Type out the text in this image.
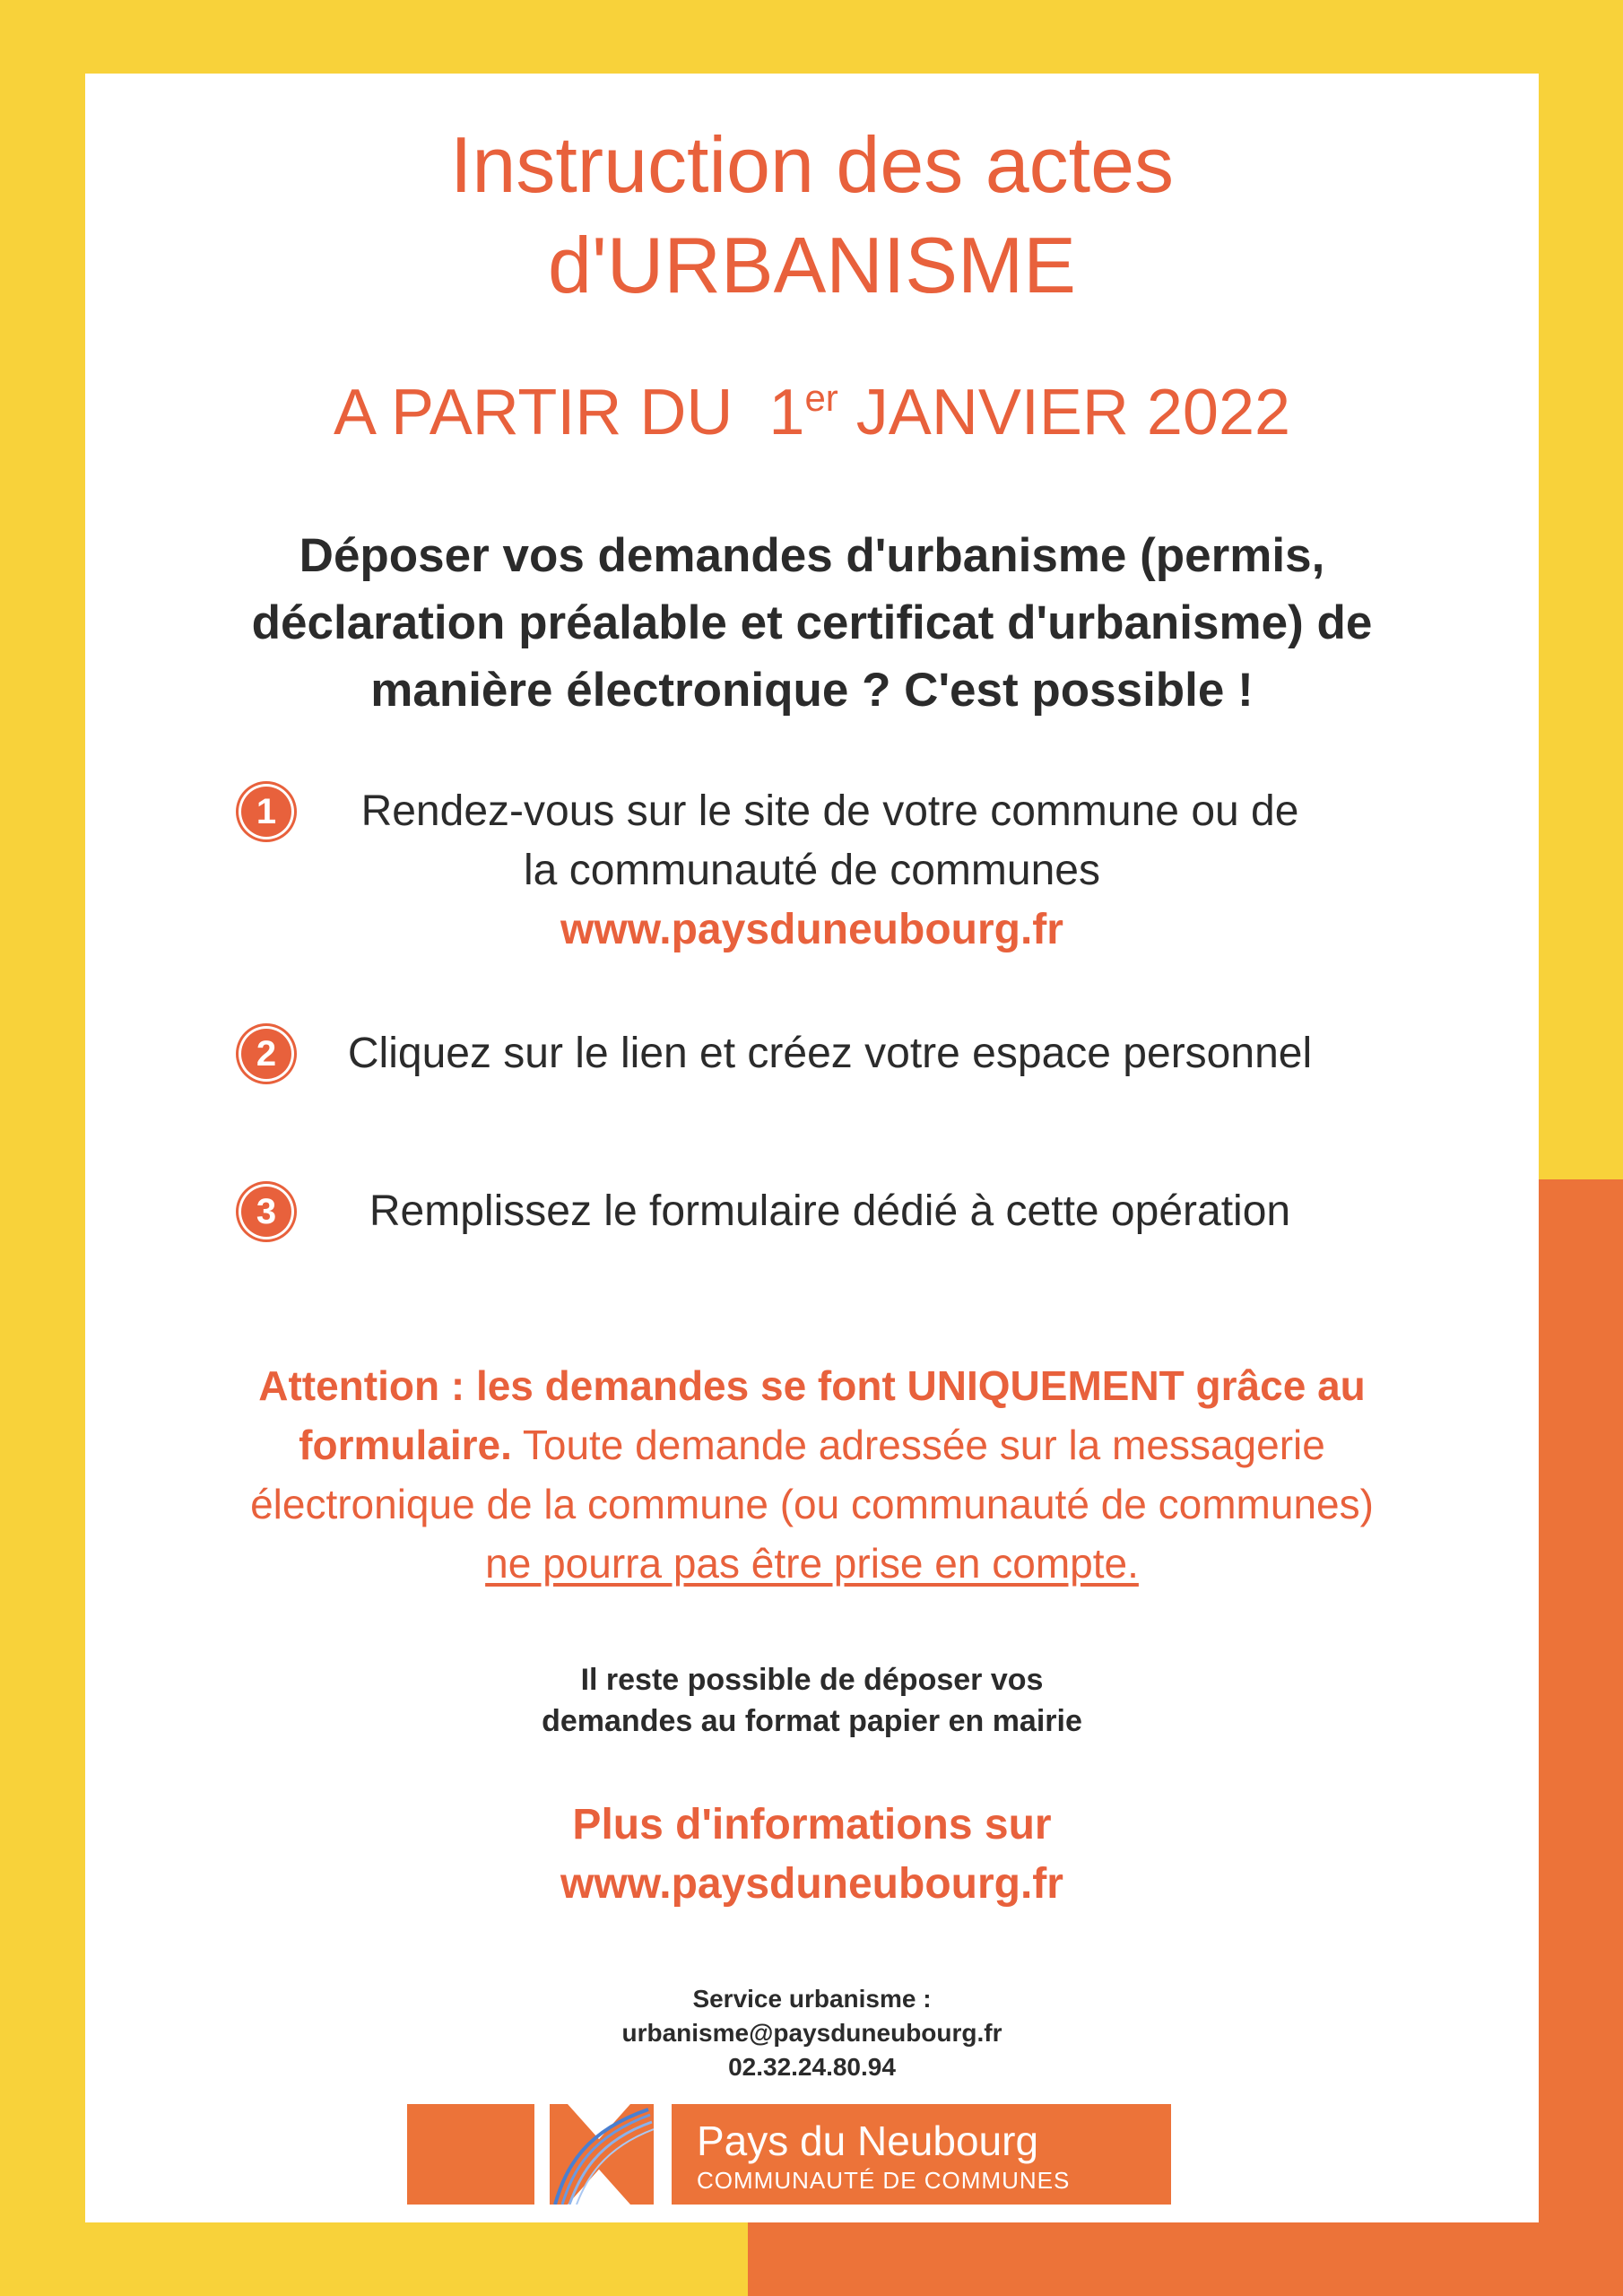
Instruction des actes
d'URBANISME
A PARTIR DU  1er JANVIER 2022
Déposer vos demandes d'urbanisme (permis,
déclaration préalable et certificat d'urbanisme) de
manière électronique ? C'est possible !
1	Rendez-vous sur le site de votre commune ou de
la communauté de communes
www.paysduneubourg.fr
2	Cliquez sur le lien et créez votre espace personnel
3	Remplissez le formulaire dédié à cette opération
Attention : les demandes se font UNIQUEMENT grâce au
formulaire. Toute demande adressée sur la messagerie
électronique de la commune (ou communauté de communes)
ne pourra pas être prise en compte.
Il reste possible de déposer vos
demandes au format papier en mairie
Plus d'informations sur
www.paysduneubourg.fr
Service urbanisme :
urbanisme@paysduneubourg.fr
02.32.24.80.94
Pays du Neubourg
COMMUNAUTÉ DE COMMUNES
